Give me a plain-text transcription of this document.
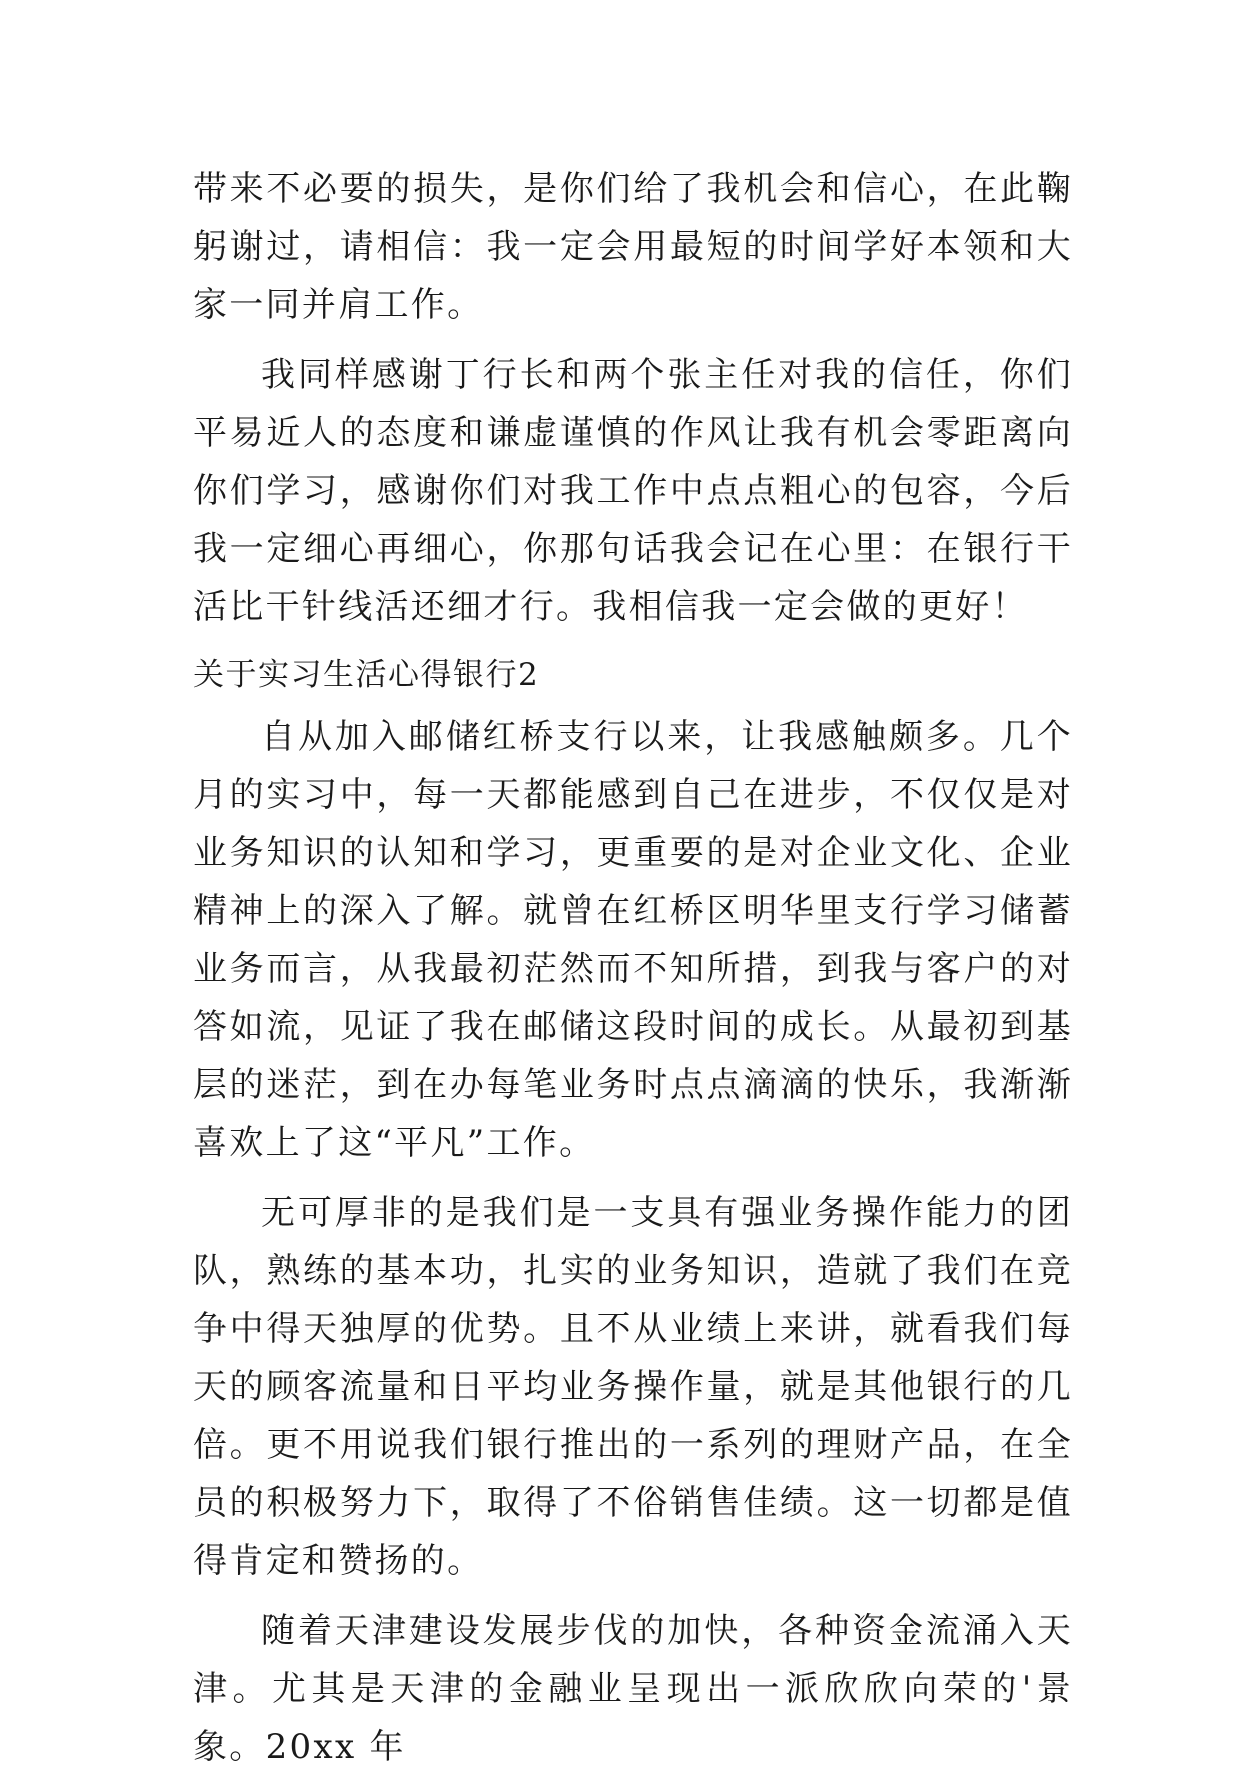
带来不必要的损失，是你们给了我机会和信心，在此鞠躬谢过，请相信：我一定会用最短的时间学好本领和大家一同并肩工作。

我同样感谢丁行长和两个张主任对我的信任，你们平易近人的态度和谦虚谨慎的作风让我有机会零距离向你们学习，感谢你们对我工作中点点粗心的包容，今后我一定细心再细心，你那句话我会记在心里：在银行干活比干针线活还细才行。我相信我一定会做的更好！

关于实习生活心得银行2

自从加入邮储红桥支行以来，让我感触颇多。几个月的实习中，每一天都能感到自己在进步，不仅仅是对业务知识的认知和学习，更重要的是对企业文化、企业精神上的深入了解。就曾在红桥区明华里支行学习储蓄业务而言，从我最初茫然而不知所措，到我与客户的对答如流，见证了我在邮储这段时间的成长。从最初到基层的迷茫，到在办每笔业务时点点滴滴的快乐，我渐渐喜欢上了这“平凡”工作。

无可厚非的是我们是一支具有强业务操作能力的团队，熟练的基本功，扎实的业务知识，造就了我们在竞争中得天独厚的优势。且不从业绩上来讲，就看我们每天的顾客流量和日平均业务操作量，就是其他银行的几倍。更不用说我们银行推出的一系列的理财产品，在全员的积极努力下，取得了不俗销售佳绩。这一切都是值得肯定和赞扬的。

随着天津建设发展步伐的加快，各种资金流涌入天津。尤其是天津的金融业呈现出一派欣欣向荣的'景象。20xx 年
